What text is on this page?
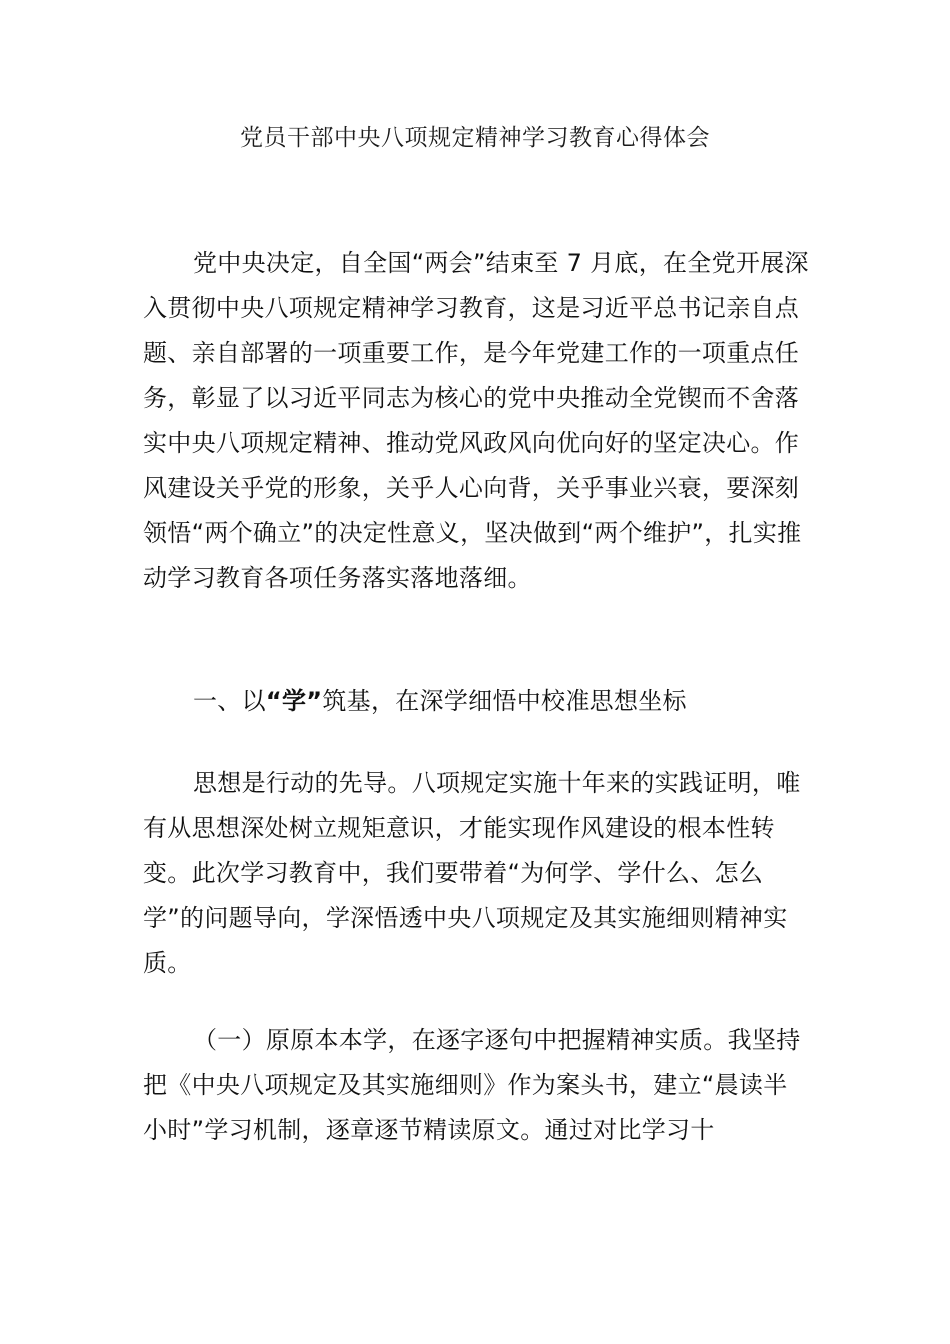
党员干部中央八项规定精神学习教育心得体会

党中央决定，自全国“两会”结束至 7 月底，在全党开展深入贯彻中央八项规定精神学习教育，这是习近平总书记亲自点题、亲自部署的一项重要工作，是今年党建工作的一项重点任务，彰显了以习近平同志为核心的党中央推动全党锲而不舍落实中央八项规定精神、推动党风政风向优向好的坚定决心。作风建设关乎党的形象，关乎人心向背，关乎事业兴衰，要深刻领悟“两个确立”的决定性意义，坚决做到“两个维护”，扎实推动学习教育各项任务落实落地落细。

一、以“学”筑基，在深学细悟中校准思想坐标

思想是行动的先导。八项规定实施十年来的实践证明，唯有从思想深处树立规矩意识，才能实现作风建设的根本性转变。此次学习教育中，我们要带着“为何学、学什么、怎么学”的问题导向，学深悟透中央八项规定及其实施细则精神实质。

（一）原原本本学，在逐字逐句中把握精神实质。我坚持把《中央八项规定及其实施细则》作为案头书，建立“晨读半小时”学习机制，逐章逐节精读原文。通过对比学习十
